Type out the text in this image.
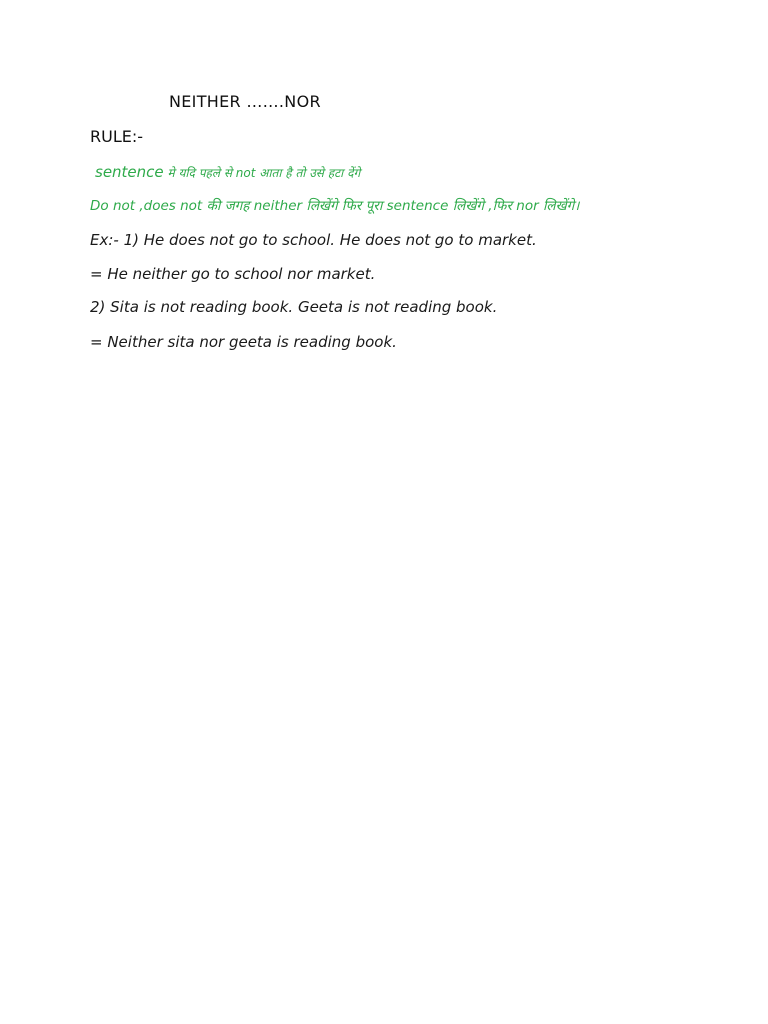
NEITHER …….NOR
RULE:-
sentence मे यदि पहले से not आता है तो उसे हटा देंगे
Do not ,does not की जगह neither लिखेंगे फिर पूरा sentence लिखेंगे ,फिर nor लिखेंगे।
Ex:- 1) He does not go to school. He does not go to market.
= He neither go to school nor market.
2) Sita is not reading book. Geeta is not reading book.
= Neither sita nor geeta is reading book.
